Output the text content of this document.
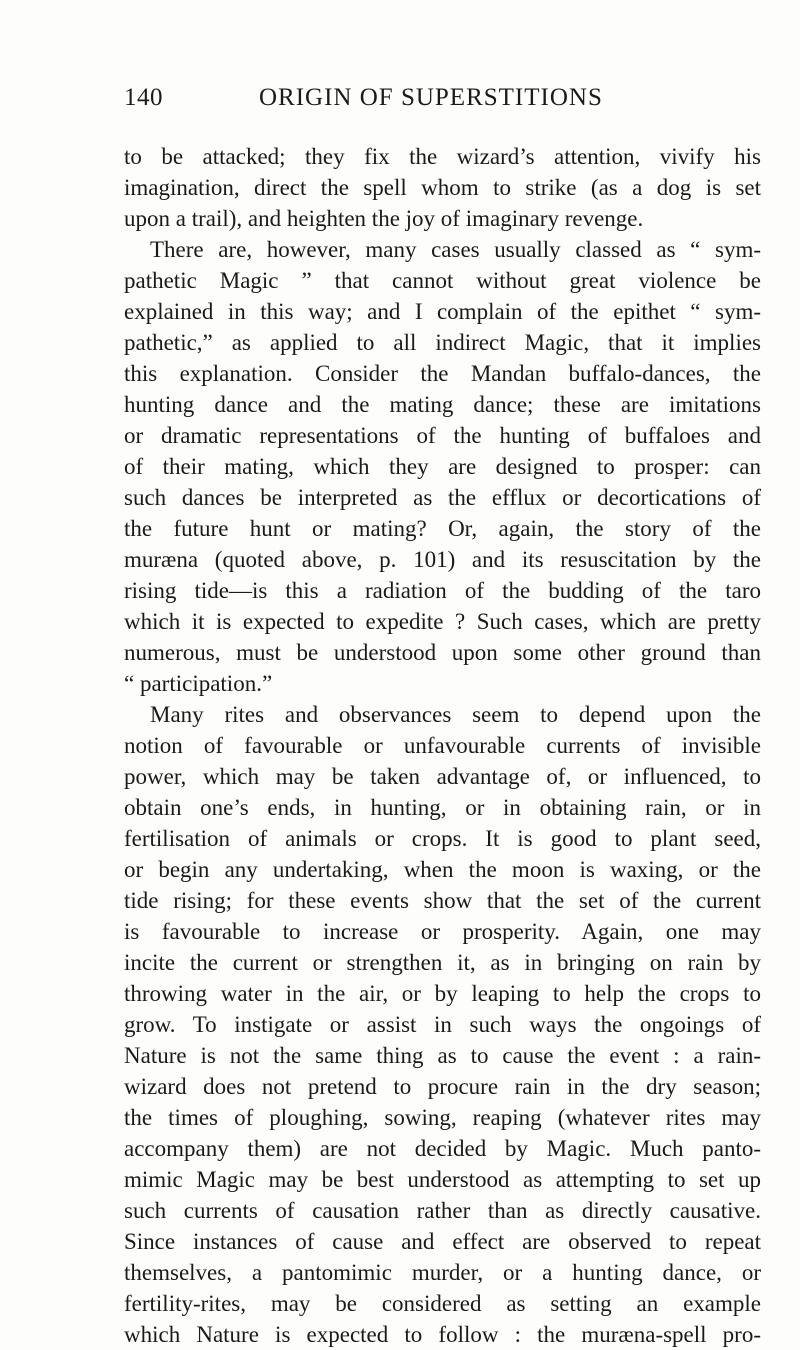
140	ORIGIN OF SUPERSTITIONS
to be attacked; they fix the wizard’s attention, vivify his
imagination, direct the spell whom to strike (as a dog is set
upon a trail), and heighten the joy of imaginary revenge.
There are, however, many cases usually classed as “ sym-
pathetic Magic ” that cannot without great violence be
explained in this way; and I complain of the epithet “ sym-
pathetic,” as applied to all indirect Magic, that it implies
this explanation. Consider the Mandan buffalo-dances, the
hunting dance and the mating dance; these are imitations
or dramatic representations of the hunting of buffaloes and
of their mating, which they are designed to prosper: can
such dances be interpreted as the efflux or decortications of
the future hunt or mating? Or, again, the story of the
muræna (quoted above, p. 101) and its resuscitation by the
rising tide—is this a radiation of the budding of the taro
which it is expected to expedite ? Such cases, which are pretty
numerous, must be understood upon some other ground than
“ participation.”
Many rites and observances seem to depend upon the
notion of favourable or unfavourable currents of invisible
power, which may be taken advantage of, or influenced, to
obtain one’s ends, in hunting, or in obtaining rain, or in
fertilisation of animals or crops. It is good to plant seed,
or begin any undertaking, when the moon is waxing, or the
tide rising; for these events show that the set of the current
is favourable to increase or prosperity. Again, one may
incite the current or strengthen it, as in bringing on rain by
throwing water in the air, or by leaping to help the crops to
grow. To instigate or assist in such ways the ongoings of
Nature is not the same thing as to cause the event : a rain-
wizard does not pretend to procure rain in the dry season;
the times of ploughing, sowing, reaping (whatever rites may
accompany them) are not decided by Magic. Much panto-
mimic Magic may be best understood as attempting to set up
such currents of causation rather than as directly causative.
Since instances of cause and effect are observed to repeat
themselves, a pantomimic murder, or a hunting dance, or
fertility-rites, may be considered as setting an example
which Nature is expected to follow : the muræna-spell pro-
